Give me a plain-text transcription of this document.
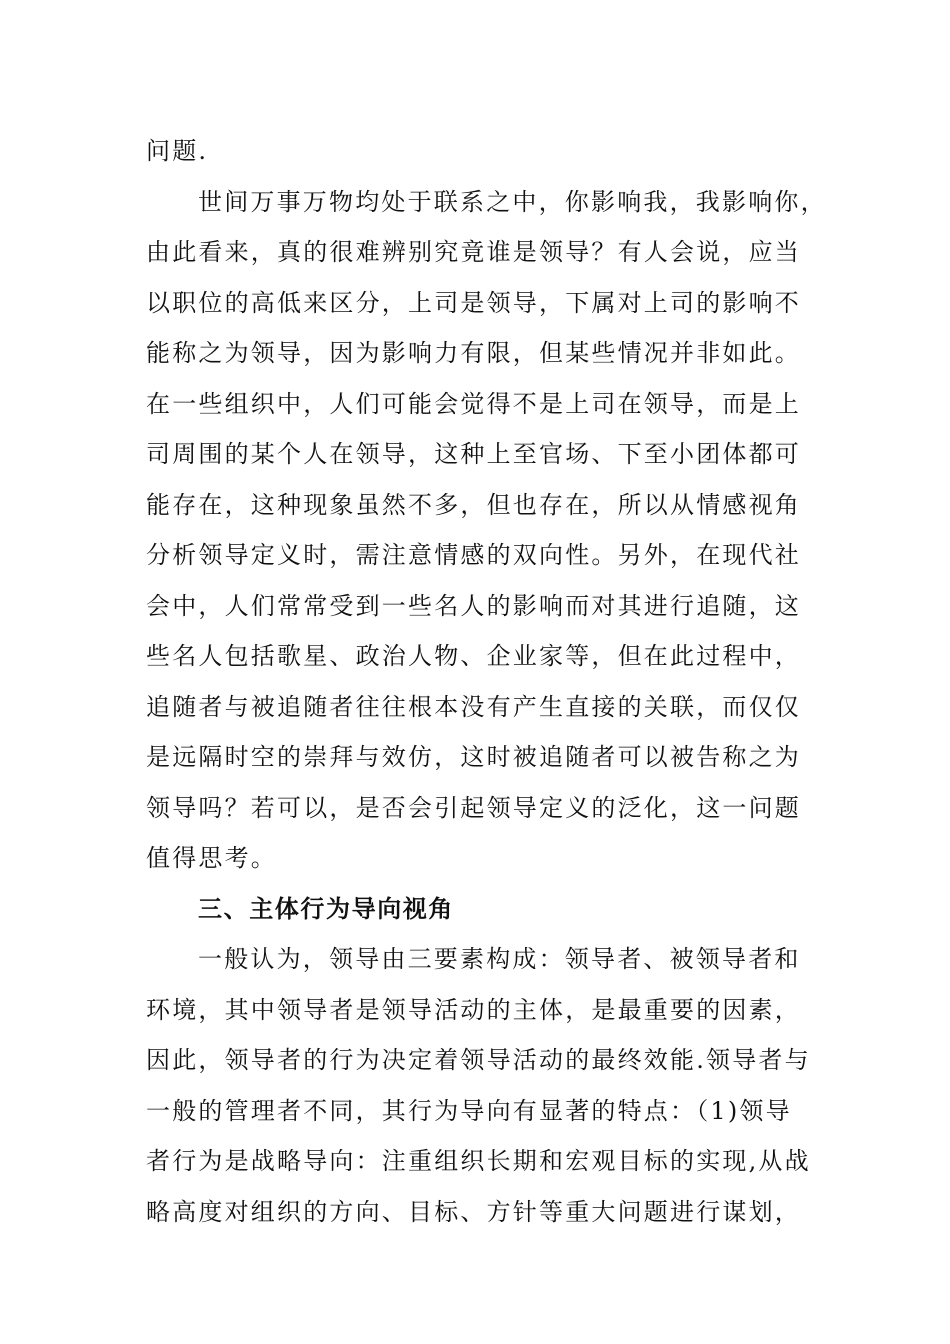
问题.
世间万事万物均处于联系之中，你影响我，我影响你，
由此看来，真的很难辨别究竟谁是领导？有人会说，应当
以职位的高低来区分，上司是领导，下属对上司的影响不
能称之为领导，因为影响力有限，但某些情况并非如此。
在一些组织中，人们可能会觉得不是上司在领导，而是上
司周围的某个人在领导，这种上至官场、下至小团体都可
能存在，这种现象虽然不多，但也存在，所以从情感视角
分析领导定义时，需注意情感的双向性。另外，在现代社
会中，人们常常受到一些名人的影响而对其进行追随，这
些名人包括歌星、政治人物、企业家等，但在此过程中，
追随者与被追随者往往根本没有产生直接的关联，而仅仅
是远隔时空的崇拜与效仿，这时被追随者可以被告称之为
领导吗？若可以，是否会引起领导定义的泛化，这一问题
值得思考。
三、主体行为导向视角
一般认为，领导由三要素构成：领导者、被领导者和
环境，其中领导者是领导活动的主体，是最重要的因素，
因此，领导者的行为决定着领导活动的最终效能.领导者与
一般的管理者不同，其行为导向有显著的特点：（1)领导
者行为是战略导向：注重组织长期和宏观目标的实现,从战
略高度对组织的方向、目标、方针等重大问题进行谋划，
